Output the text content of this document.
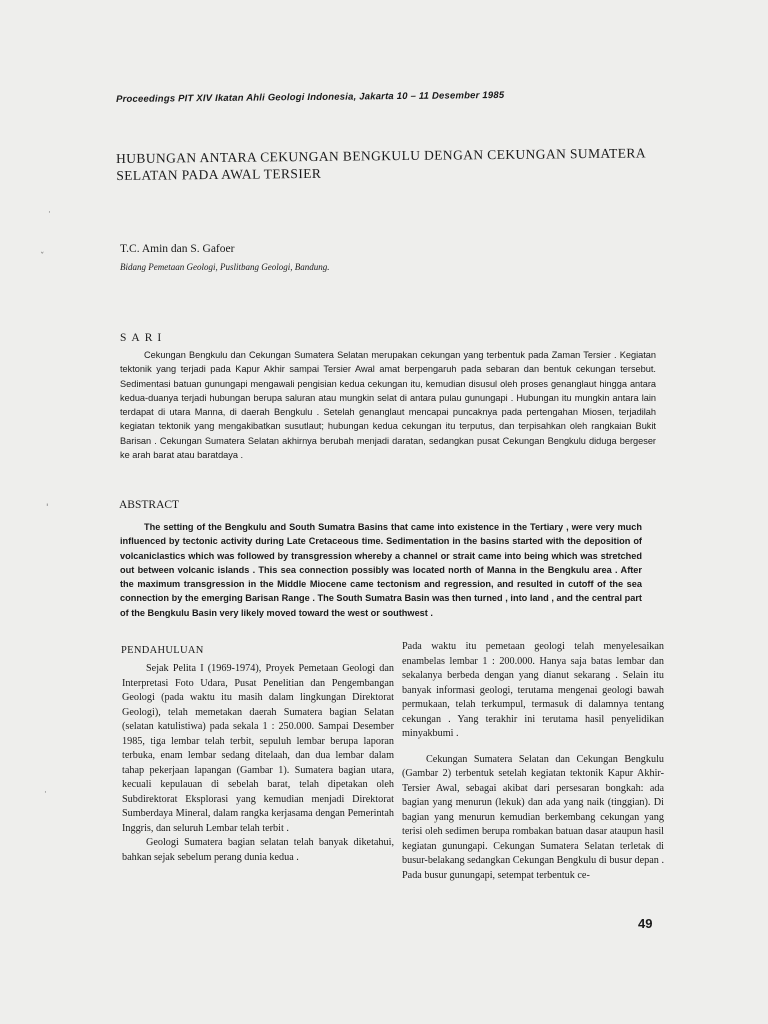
Proceedings PIT XIV Ikatan Ahli Geologi Indonesia, Jakarta 10 – 11 Desember 1985

HUBUNGAN ANTARA CEKUNGAN BENGKULU DENGAN CEKUNGAN SUMATERA SELATAN PADA AWAL TERSIER

T.C. Amin dan S. Gafoer

Bidang Pemetaan Geologi, Puslitbang Geologi, Bandung.

SARI

Cekungan Bengkulu dan Cekungan Sumatera Selatan merupakan cekungan yang terbentuk pada Zaman Tersier . Kegiatan tektonik yang terjadi pada Kapur Akhir sampai Tersier Awal amat berpengaruh pada sebaran dan bentuk cekungan tersebut. Sedimentasi batuan gunungapi mengawali pengisian kedua cekungan itu, kemudian disusul oleh proses genanglaut hingga antara kedua-duanya terjadi hubungan berupa saluran atau mungkin selat di antara pulau gunungapi . Hubungan itu mungkin antara lain terdapat di utara Manna, di daerah Bengkulu . Setelah genanglaut mencapai puncaknya pada pertengahan Miosen, terjadilah kegiatan tektonik yang mengakibatkan susutlaut; hubungan kedua cekungan itu terputus, dan terpisahkan oleh rangkaian Bukit Barisan . Cekungan Sumatera Selatan akhirnya berubah menjadi daratan, sedangkan pusat Cekungan Bengkulu diduga bergeser ke arah barat atau baratdaya .

ABSTRACT

The setting of the Bengkulu and South Sumatra Basins that came into existence in the Tertiary , were very much influenced by tectonic activity during Late Cretaceous time. Sedimentation in the basins started with the deposition of volcaniclastics which was followed by transgression whereby a channel or strait came into being which was stretched out between volcanic islands . This sea connection possibly was located north of Manna in the Bengkulu area . After the maximum transgression in the Middle Miocene came tectonism and regression, and resulted in cutoff of the sea connection by the emerging Barisan Range . The South Sumatra Basin was then turned , into land , and the central part of the Bengkulu Basin very likely moved toward the west or southwest .

PENDAHULUAN

Sejak Pelita I (1969-1974), Proyek Pemetaan Geologi dan Interpretasi Foto Udara, Pusat Penelitian dan Pengembangan Geologi (pada waktu itu masih dalam lingkungan Direktorat Geologi), telah memetakan daerah Sumatera bagian Selatan (selatan katulistiwa) pada sekala 1 : 250.000. Sampai Desember 1985, tiga lembar telah terbit, sepuluh lembar berupa laporan terbuka, enam lembar sedang ditelaah, dan dua lembar dalam tahap pekerjaan lapangan (Gambar 1). Sumatera bagian utara, kecuali kepulauan di sebelah barat, telah dipetakan oleh Subdirektorat Eksplorasi yang kemudian menjadi Direktorat Sumberdaya Mineral, dalam rangka kerjasama dengan Pemerintah Inggris, dan seluruh Lembar telah terbit .

Geologi Sumatera bagian selatan telah banyak diketahui, bahkan sejak sebelum perang dunia kedua .

Pada waktu itu pemetaan geologi telah menyelesaikan enambelas lembar 1 : 200.000. Hanya saja batas lembar dan sekalanya berbeda dengan yang dianut sekarang . Selain itu banyak informasi geologi, terutama mengenai geologi bawah permukaan, telah terkumpul, termasuk di dalamnya tentang cekungan . Yang terakhir ini terutama hasil penyelidikan minyakbumi .

Cekungan Sumatera Selatan dan Cekungan Bengkulu (Gambar 2) terbentuk setelah kegiatan tektonik Kapur Akhir-Tersier Awal, sebagai akibat dari persesaran bongkah: ada bagian yang menurun (lekuk) dan ada yang naik (tinggian). Di bagian yang menurun kemudian berkembang cekungan yang terisi oleh sedimen berupa rombakan batuan dasar ataupun hasil kegiatan gunungapi. Cekungan Sumatera Selatan terletak di busur-belakang sedangkan Cekungan Bengkulu di busur depan . Pada busur gunungapi, setempat terbentuk ce-

49

·
ˇ
'
·
